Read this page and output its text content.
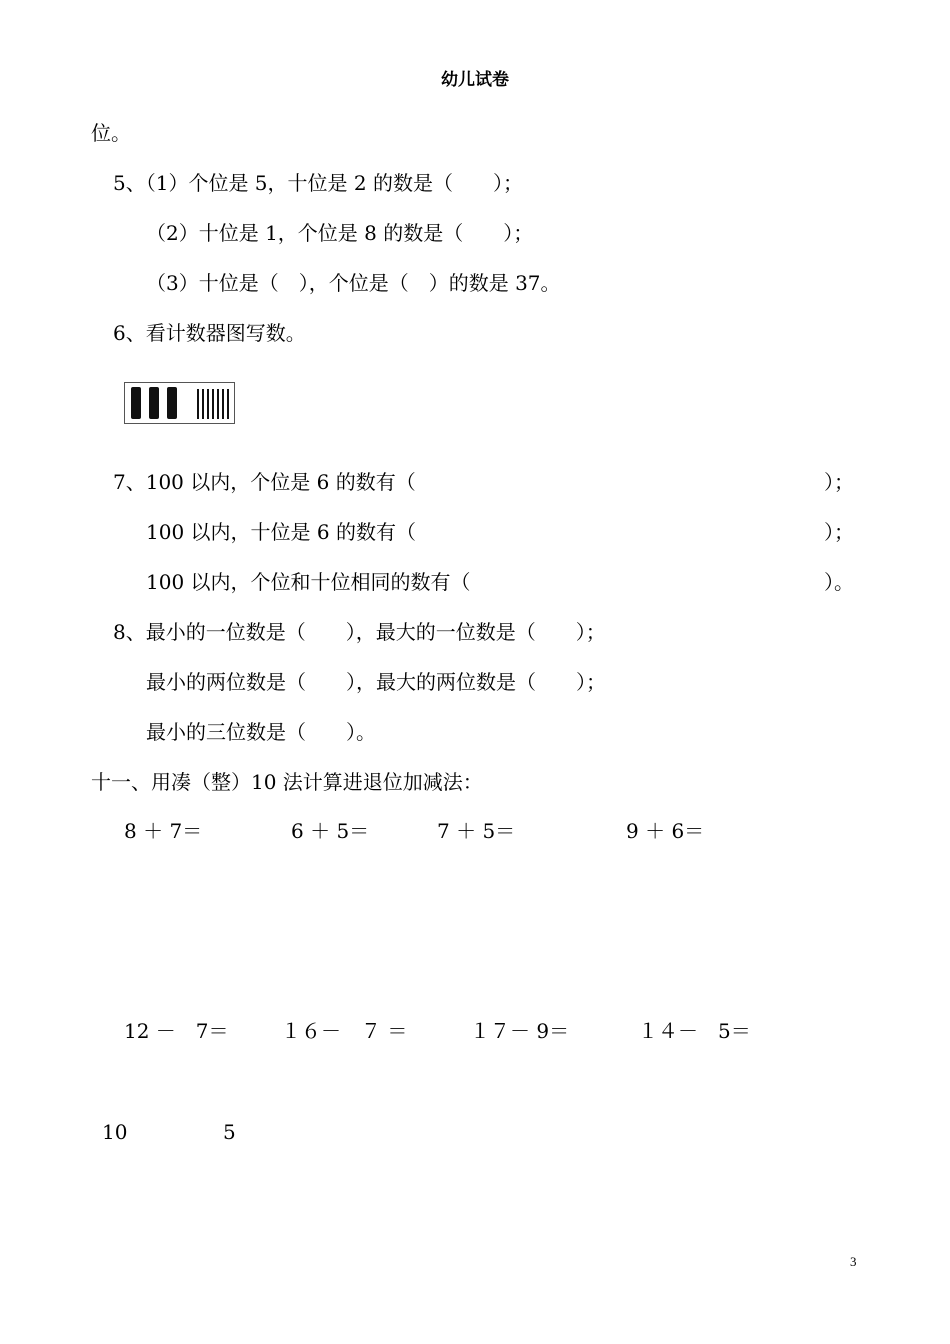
幼儿试卷
位。
5、（1）个位是 5，十位是 2 的数是（　　）；
（2）十位是 1，个位是 8 的数是（　　）；
（3）十位是（　），个位是（　）的数是 37。
6、看计数器图写数。
7、100 以内，个位是 6 的数有（	）；
100 以内，十位是 6 的数有（	）；
100 以内，个位和十位相同的数有（	）。
8、最小的一位数是（　　），最大的一位数是（　　）；
最小的两位数是（　　），最大的两位数是（　　）；
最小的三位数是（　　）。
十一、用凑（整）10 法计算进退位加减法：
8 ＋ 7＝	6 ＋ 5＝	7 ＋ 5＝	9 ＋ 6＝
12 －　7＝	１６－　７ ＝	１７－ 9＝	１４－　5＝
10	5
3
